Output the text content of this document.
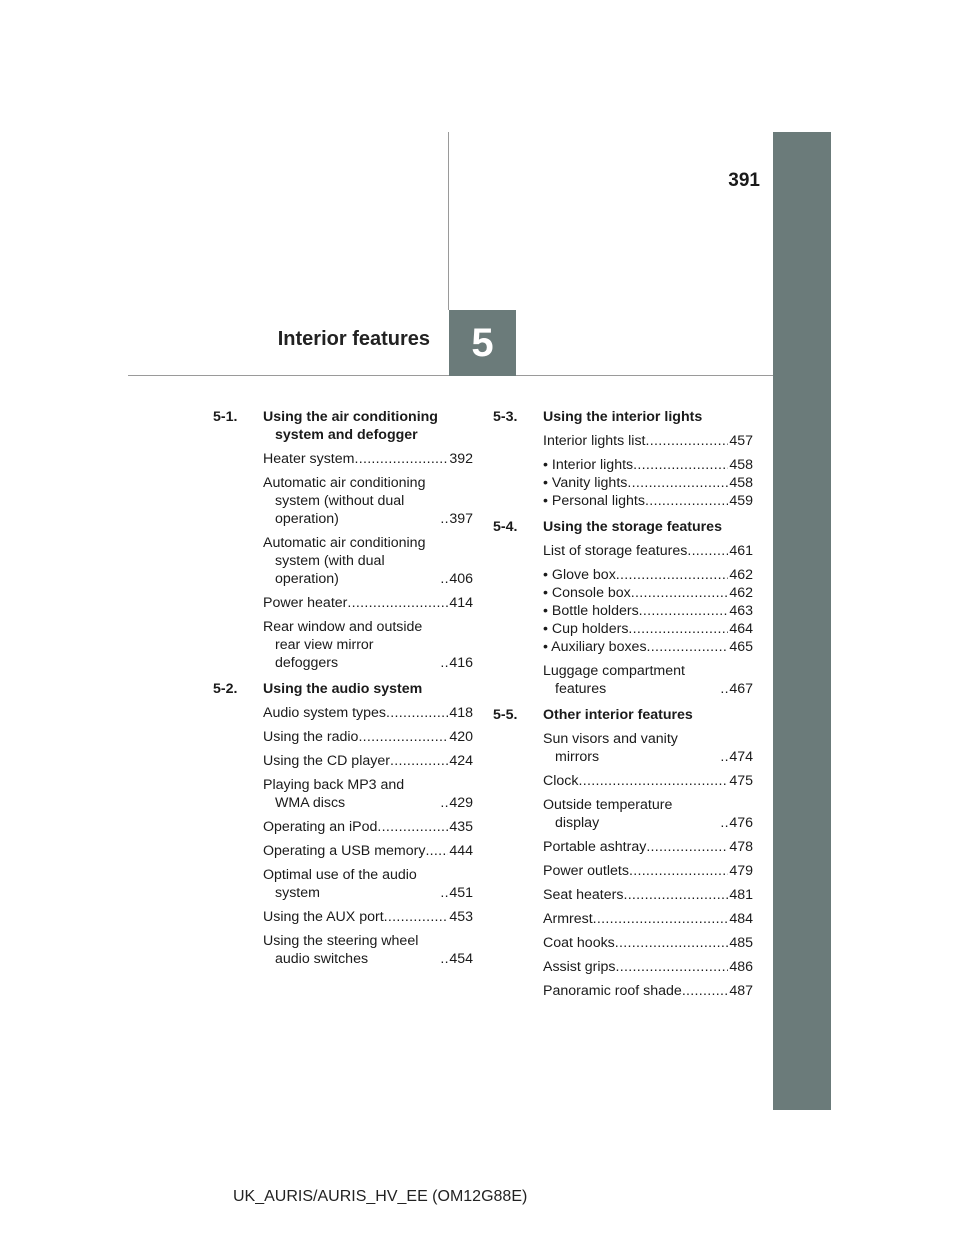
391
Interior features	5
5-1.	Using the air conditioning system and defogger
Heater system .....	392
Automatic air conditioning system (without dual operation) .....	397
Automatic air conditioning system (with dual operation) .....	406
Power heater .....	414
Rear window and outside rear view mirror defoggers .....	416
5-2.	Using the audio system
Audio system types .....	418
Using the radio .....	420
Using the CD player .....	424
Playing back MP3 and WMA discs .....	429
Operating an iPod .....	435
Operating a USB memory ..... 444
Optimal use of the audio system .....	451
Using the AUX port .....	453
Using the steering wheel audio switches .....	454
5-3.	Using the interior lights
Interior lights list .....	457
• Interior lights .....	458
• Vanity lights .....	458
• Personal lights .....	459
5-4.	Using the storage features
List of storage features .....	461
• Glove box .....	462
• Console box .....	462
• Bottle holders .....	463
• Cup holders .....	464
• Auxiliary boxes .....	465
Luggage compartment features .....	467
5-5.	Other interior features
Sun visors and vanity mirrors .....	474
Clock .....	475
Outside temperature display .....	476
Portable ashtray .....	478
Power outlets .....	479
Seat heaters .....	481
Armrest .....	484
Coat hooks .....	485
Assist grips .....	486
Panoramic roof shade .....	487
UK_AURIS/AURIS_HV_EE (OM12G88E)
